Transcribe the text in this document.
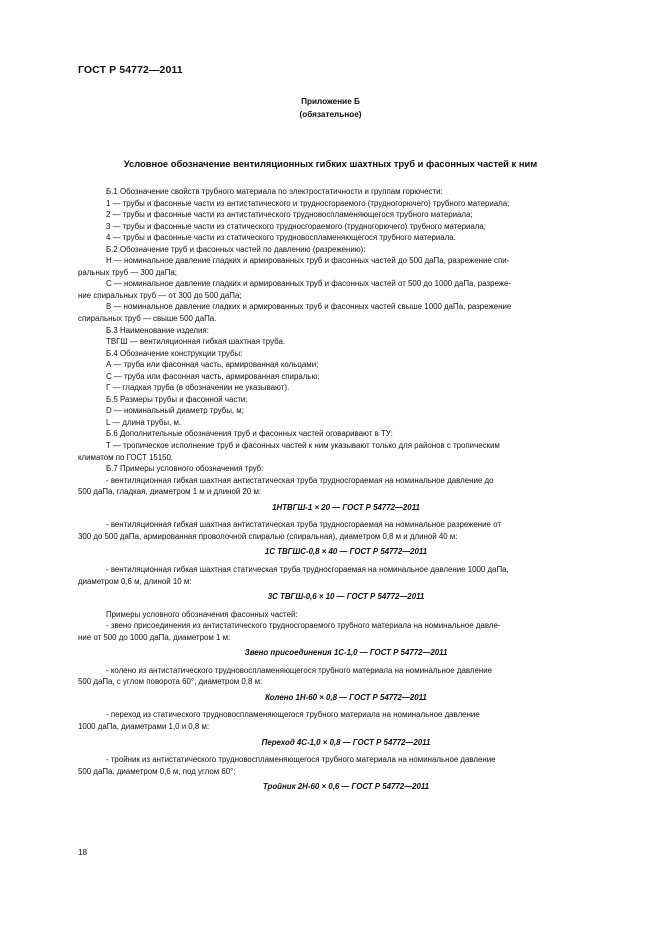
ГОСТ Р 54772—2011
Приложение Б
(обязательное)
Условное обозначение вентиляционных гибких шахтных труб и фасонных частей к ним

Б.1 Обозначение свойств трубного материала по электростатичности и группам горючести:

1 — трубы и фасонные части из антистатического и трудносгораемого (трудногорючего) трубного материала;

2 — трубы и фасонные части из антистатического трудновоспламеняющегося трубного материала;

3 — трубы и фасонные части из статического трудносгораемого (трудногорючего) трубного материала;

4 — трубы и фасонные части из статического трудновоспламеняющегося трубного материала.

Б.2 Обозначение труб и фасонных частей по давлению (разрежению):

Н — номинальное давление гладких и армированных труб и фасонных частей до 500 даПа, разрежение спи-

ральных труб — 300 даПа;

С — номинальное давление гладких и армированных труб и фасонных частей от 500 до 1000 даПа, разреже-

ние спиральных труб — от 300 до 500 даПа;

В — номинальное давление гладких и армированных труб и фасонных частей свыше 1000 даПа, разрежение

спиральных труб — свыше 500 даПа.

Б.3 Наименование изделия:

ТВГШ — вентиляционная гибкая шахтная труба.

Б.4 Обозначение конструкции трубы:

А — труба или фасонная часть, армированная кольцами;

С — труба или фасонная часть, армированная спиралью;

Г — гладкая труба (в обозначении не указывают).

Б.5 Размеры трубы и фасонной части:

D — номинальный диаметр трубы, м;

L — длина трубы, м.

Б.6 Дополнительные обозначения труб и фасонных частей оговаривают в ТУ:

Т — тропическое исполнение труб и фасонных частей к ним указывают только для районов с тропическим

климатом по ГОСТ 15150.

Б.7 Примеры условного обозначения труб:

- вентиляционная гибкая шахтная антистатическая труба трудносгораемая на номинальное давление до

500 даПа, гладкая, диаметром 1 м и длиной 20 м:

1НТВГШ-1 × 20 — ГОСТ Р 54772—2011

- вентиляционная гибкая шахтная антистатическая труба трудносгораемая на номинальное разрежение от

300 до 500 даПа, армированная проволочной спиралью (спиральная), диаметром 0,8 м и длиной 40 м:

1С ТВГШС-0,8 × 40 — ГОСТ Р 54772—2011

- вентиляционная гибкая шахтная статическая труба трудносгораемая на номинальное давление 1000 даПа,

диаметром 0,6 м, длиной 10 м:

3С ТВГШ-0,6 × 10 — ГОСТ Р 54772—2011

Примеры условного обозначения фасонных частей:

- звено присоединения из антистатического трудносгораемого трубного материала на номинальное давле-

ние от 500 до 1000 даПа, диаметром 1 м:

Звено присоединения 1С-1,0 — ГОСТ Р 54772—2011

- колено из антистатического трудновоспламеняющегося трубного материала на номинальное давление

500 даПа, с углом поворота 60°, диаметром 0,8 м:

Колено 1Н-60 × 0,8 — ГОСТ Р 54772—2011

- переход из статического трудновоспламеняющегося трубного материала на номинальное давление

1000 даПа, диаметрами 1,0 и 0,8 м:

Переход 4С-1,0 × 0,8 — ГОСТ Р 54772—2011

- тройник из антистатического трудновоспламеняющегося трубного материала на номинальное давление

500 даПа, диаметром 0,6 м, под углом 60°:

Тройник 2Н-60 × 0,6 — ГОСТ Р 54772—2011

18
